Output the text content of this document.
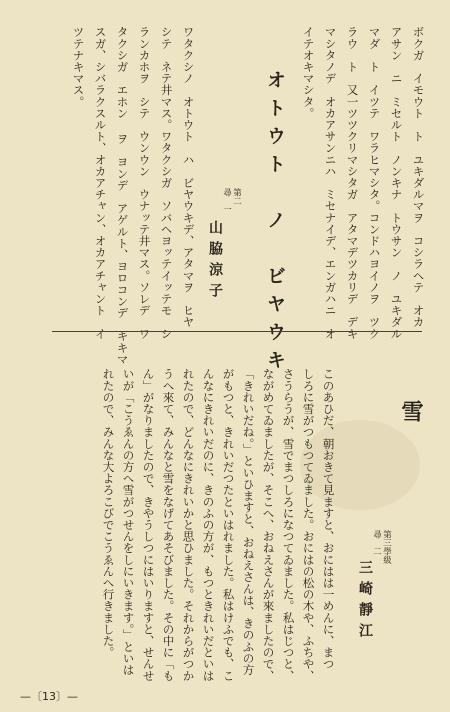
ボクガ　イモウト　ト　ユキダルマヲ　コシラヘテ　オカ
アサン　ニ　ミセルト　ノンキナ　トウサン　ノ　ユキダル
マダ　ト　イツテ　ワラヒマシタ。コンドハヨイノヲ　ツク
ラウ　ト　又一ツツクリマシタガ　アタマデツカリデ　デキ
マシタノデ　オカアサンニハ　ミセナイデ、エンガハニ　オ
イテオキマシタ。
オトウト　ノ　ビヤウキ
第二
尋　一
山脇涼子
ワタクシノ　オトウト　ハ　ビヤウキデ、アタマヲ　ヒヤ
シテ　ネテ井マス。ワタクシガ　ソバヘヨッテイッテモ　シ
ランカホヲ　シテ　ウンウン　ウナッテ井マス。ソレデ　ワ
タクシガ　エホン ヲ　ヨンデ　アゲルト、ヨロコンデ　キキマ
スガ、シバラクスルト、オカアチャン、オカアチャント　イ
ツテナキマス。
雪
第三學級
尋　二
三崎靜江
このあひだ、朝おきて見ますと、おにはは一めんに、まつ
しろに雪がつもつてゐました。おにはの松の木や、ふちや、
さうらうが、雪でまつしろになつてゐました。私はじつと、
ながめてゐましたが、そこへ、おねえさんが來ましたので、
「きれいだね。」といひますと、おねえさんは、きのふの方
がもつと、きれいだつたといはれました。私はけふでも、こ
んなにきれいだのに、きのふの方が、もつときれいだといは
れたので、どんなにきれいかと思ひました。それからがつか
うへ來て、みんなと雪をなげてあそびました。その中に「も
ん」がなりましたので、きやうしつにはいりますと、せんせ
いが「こうゑんの方へ雪がつせんをしにいきます。」といは
れたので、みんな大よろこびでこうゑんへ行きました。
—〔13〕—
